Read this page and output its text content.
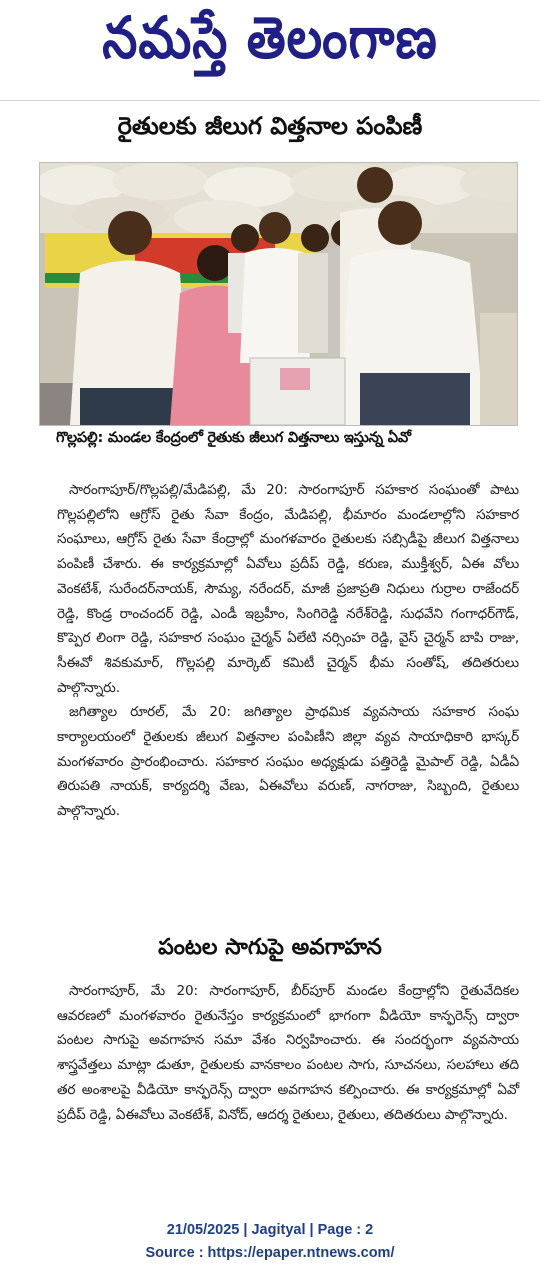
నమస్తే తెలంగాణ
రైతులకు జీలుగ విత్తనాల పంపిణీ
గొల్లపల్లి: మండల కేంద్రంలో రైతుకు జీలుగ విత్తనాలు ఇస్తున్న ఏవో

సారంగాపూర్/గొల్లపల్లి/మేడిపల్లి, మే 20: సారంగాపూర్ సహకార సంఘంతో పాటు గొల్లపల్లిలోని ఆగ్రోస్ రైతు సేవా కేంద్రం, మేడిపల్లి, భీమారం మండలాల్లోని సహకార సంఘాలు, ఆగ్రోస్ రైతు సేవా కేంద్రాల్లో మంగళవారం రైతులకు సబ్సిడీపై జీలుగ విత్తనాలు పంపిణీ చేశారు. ఈ కార్యక్రమాల్లో ఏవోలు ప్రదీప్ రెడ్డి, కరుణ, ముక్తీశ్వర్, ఏఈ వోలు వెంకటేశ్, సురేందర్‌నాయక్, సౌమ్య, నరేందర్, మాజీ ప్రజాప్రతి నిధులు గుర్రాల రాజేందర్ రెడ్డి, కొండ్ర రాంచందర్ రెడ్డి, ఎండీ ఇబ్రహీం, సింగిరెడ్డి నరేశ్‌రెడ్డి, సుధవేని గంగాధర్‌గౌడ్, కొప్పెర లింగా రెడ్డి, సహకార సంఘం చైర్మన్ ఏలేటి నర్సింహ రెడ్డి, వైస్ చైర్మన్ బాపి రాజు, సీఈవో శివకుమార్, గొల్లపల్లి మార్కెట్ కమిటీ చైర్మన్ భీమ సంతోష్, తదితరులు పాల్గొన్నారు.

జగిత్యాల రూరల్, మే 20: జగిత్యాల ప్రాథమిక వ్యవసాయ సహకార సంఘ కార్యాలయంలో రైతులకు జీలుగ విత్తనాల పంపిణీని జిల్లా వ్యవ సాయాధికారి భాస్కర్ మంగళవారం ప్రారంభించారు. సహకార సంఘం అధ్యక్షుడు పత్తిరెడ్డి మైపాల్ రెడ్డి, ఏడీఏ తిరుపతి నాయక్, కార్యదర్శి వేణు, ఏఈవోలు వరుణ్, నాగరాజు, సిబ్బంది, రైతులు పాల్గొన్నారు.

పంటల సాగుపై అవగాహన

సారంగాపూర్, మే 20: సారంగాపూర్, బీర్‌పూర్ మండల కేంద్రాల్లోని రైతువేదికల ఆవరణలో మంగళవారం రైతునేస్తం కార్యక్రమంలో భాగంగా వీడియో కాన్ఫరెన్స్ ద్వారా పంటల సాగుపై అవగాహన సమా వేశం నిర్వహించారు. ఈ సందర్భంగా వ్యవసాయ శాస్త్రవేత్తలు మాట్లా డుతూ, రైతులకు వానకాలం పంటల సాగు, సూచనలు, సలహాలు తది తర అంశాలపై వీడియో కాన్ఫరెన్స్ ద్వారా అవగాహన కల్పించారు. ఈ కార్యక్రమాల్లో ఏవో ప్రదీప్ రెడ్డి, ఏఈవోలు వెంకటేశ్, వినోద్, ఆదర్శ రైతులు, రైతులు, తదితరులు పాల్గొన్నారు.

21/05/2025 | Jagityal | Page : 2
Source : https://epaper.ntnews.com/
